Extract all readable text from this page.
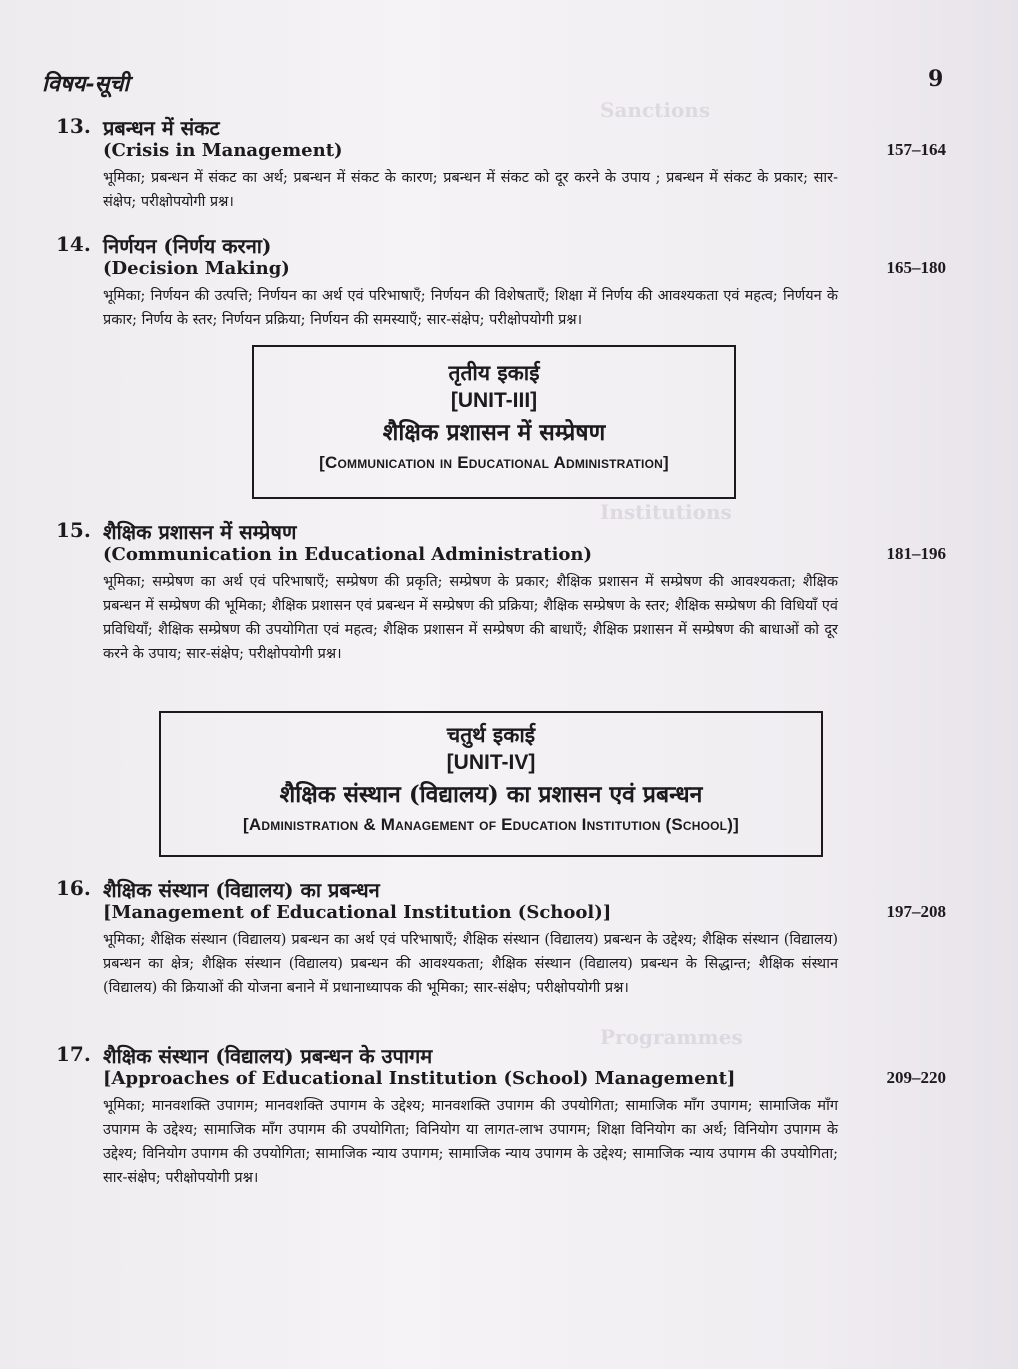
Sanctions
Institutions
Programmes
विषय-सूची	9
13. प्रबन्धन में संकट
(Crisis in Management)	157–164
भूमिका; प्रबन्धन में संकट का अर्थ; प्रबन्धन में संकट के कारण; प्रबन्धन में संकट को दूर करने के उपाय ; प्रबन्धन में संकट के प्रकार; सार-संक्षेप; परीक्षोपयोगी प्रश्न।
14. निर्णयन (निर्णय करना)
(Decision Making)	165–180
भूमिका; निर्णयन की उत्पत्ति; निर्णयन का अर्थ एवं परिभाषाएँ; निर्णयन की विशेषताएँ; शिक्षा में निर्णय की आवश्यकता एवं महत्व; निर्णयन के प्रकार; निर्णय के स्तर; निर्णयन प्रक्रिया; निर्णयन की समस्याएँ; सार-संक्षेप; परीक्षोपयोगी प्रश्न।
तृतीय इकाई
[UNIT-III]
शैक्षिक प्रशासन में सम्प्रेषण
[Communication in Educational Administration]
15. शैक्षिक प्रशासन में सम्प्रेषण
(Communication in Educational Administration)	181–196
भूमिका; सम्प्रेषण का अर्थ एवं परिभाषाएँ; सम्प्रेषण की प्रकृति; सम्प्रेषण के प्रकार; शैक्षिक प्रशासन में सम्प्रेषण की आवश्यकता; शैक्षिक प्रबन्धन में सम्प्रेषण की भूमिका; शैक्षिक प्रशासन एवं प्रबन्धन में सम्प्रेषण की प्रक्रिया; शैक्षिक सम्प्रेषण के स्तर; शैक्षिक सम्प्रेषण की विधियाँ एवं प्रविधियाँ; शैक्षिक सम्प्रेषण की उपयोगिता एवं महत्व; शैक्षिक प्रशासन में सम्प्रेषण की बाधाएँ; शैक्षिक प्रशासन में सम्प्रेषण की बाधाओं को दूर करने के उपाय; सार-संक्षेप; परीक्षोपयोगी प्रश्न।
चतुर्थ इकाई
[UNIT-IV]
शैक्षिक संस्थान (विद्यालय) का प्रशासन एवं प्रबन्धन
[Administration & Management of Education Institution (School)]
16. शैक्षिक संस्थान (विद्यालय) का प्रबन्धन
[Management of Educational Institution (School)]	197–208
भूमिका; शैक्षिक संस्थान (विद्यालय) प्रबन्धन का अर्थ एवं परिभाषाएँ; शैक्षिक संस्थान (विद्यालय) प्रबन्धन के उद्देश्य; शैक्षिक संस्थान (विद्यालय) प्रबन्धन का क्षेत्र; शैक्षिक संस्थान (विद्यालय) प्रबन्धन की आवश्यकता; शैक्षिक संस्थान (विद्यालय) प्रबन्धन के सिद्धान्त; शैक्षिक संस्थान (विद्यालय) की क्रियाओं की योजना बनाने में प्रधानाध्यापक की भूमिका; सार-संक्षेप; परीक्षोपयोगी प्रश्न।
17. शैक्षिक संस्थान (विद्यालय) प्रबन्धन के उपागम
[Approaches of Educational Institution (School) Management]	209–220
भूमिका; मानवशक्ति उपागम; मानवशक्ति उपागम के उद्देश्य; मानवशक्ति उपागम की उपयोगिता; सामाजिक माँग उपागम; सामाजिक माँग उपागम के उद्देश्य; सामाजिक माँग उपागम की उपयोगिता; विनियोग या लागत-लाभ उपागम; शिक्षा विनियोग का अर्थ; विनियोग उपागम के उद्देश्य; विनियोग उपागम की उपयोगिता; सामाजिक न्याय उपागम; सामाजिक न्याय उपागम के उद्देश्य; सामाजिक न्याय उपागम की उपयोगिता; सार-संक्षेप; परीक्षोपयोगी प्रश्न।
